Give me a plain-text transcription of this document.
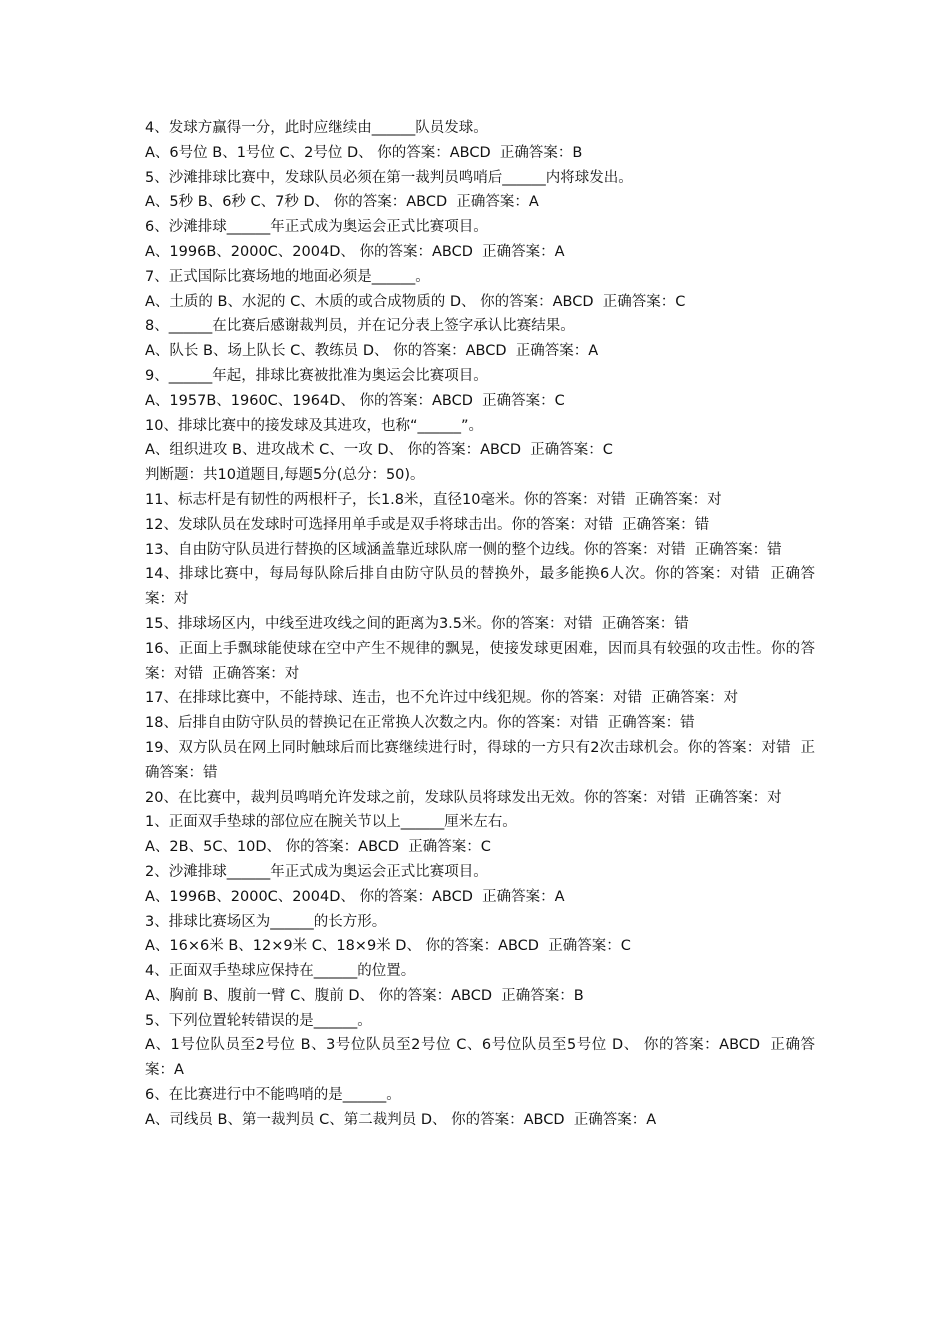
4、发球方赢得一分，此时应继续由______队员发球。
A、6号位 B、1号位 C、2号位 D、 你的答案：ABCD  正确答案：B
5、沙滩排球比赛中，发球队员必须在第一裁判员鸣哨后______内将球发出。
A、5秒 B、6秒 C、7秒 D、 你的答案：ABCD  正确答案：A
6、沙滩排球______年正式成为奥运会正式比赛项目。
A、1996B、2000C、2004D、 你的答案：ABCD  正确答案：A
7、正式国际比赛场地的地面必须是______。
A、土质的 B、水泥的 C、木质的或合成物质的 D、 你的答案：ABCD  正确答案：C
8、______在比赛后感谢裁判员，并在记分表上签字承认比赛结果。
A、队长 B、场上队长 C、教练员 D、 你的答案：ABCD  正确答案：A
9、______年起，排球比赛被批准为奥运会比赛项目。
A、1957B、1960C、1964D、 你的答案：ABCD  正确答案：C
10、排球比赛中的接发球及其进攻，也称“______”。
A、组织进攻 B、进攻战术 C、一攻 D、 你的答案：ABCD  正确答案：C
判断题：共10道题目,每题5分(总分：50)。
11、标志杆是有韧性的两根杆子，长1.8米，直径10毫米。你的答案：对错  正确答案：对
12、发球队员在发球时可选择用单手或是双手将球击出。你的答案：对错  正确答案：错
13、自由防守队员进行替换的区域涵盖靠近球队席一侧的整个边线。你的答案：对错  正确答案：错
14、排球比赛中，每局每队除后排自由防守队员的替换外，最多能换6人次。你的答案：对错  正确答案：对
15、排球场区内，中线至进攻线之间的距离为3.5米。你的答案：对错  正确答案：错
16、正面上手飘球能使球在空中产生不规律的飘晃，使接发球更困难，因而具有较强的攻击性。你的答案：对错  正确答案：对
17、在排球比赛中，不能持球、连击，也不允许过中线犯规。你的答案：对错  正确答案：对
18、后排自由防守队员的替换记在正常换人次数之内。你的答案：对错  正确答案：错
19、双方队员在网上同时触球后而比赛继续进行时，得球的一方只有2次击球机会。你的答案：对错  正确答案：错
20、在比赛中，裁判员鸣哨允许发球之前，发球队员将球发出无效。你的答案：对错  正确答案：对
1、正面双手垫球的部位应在腕关节以上______厘米左右。
A、2B、5C、10D、 你的答案：ABCD  正确答案：C
2、沙滩排球______年正式成为奥运会正式比赛项目。
A、1996B、2000C、2004D、 你的答案：ABCD  正确答案：A
3、排球比赛场区为______的长方形。
A、16×6米 B、12×9米 C、18×9米 D、 你的答案：ABCD  正确答案：C
4、正面双手垫球应保持在______的位置。
A、胸前 B、腹前一臂 C、腹前 D、 你的答案：ABCD  正确答案：B
5、下列位置轮转错误的是______。
A、1号位队员至2号位 B、3号位队员至2号位 C、6号位队员至5号位 D、 你的答案：ABCD  正确答案：A
6、在比赛进行中不能鸣哨的是______。
A、司线员 B、第一裁判员 C、第二裁判员 D、 你的答案：ABCD  正确答案：A
